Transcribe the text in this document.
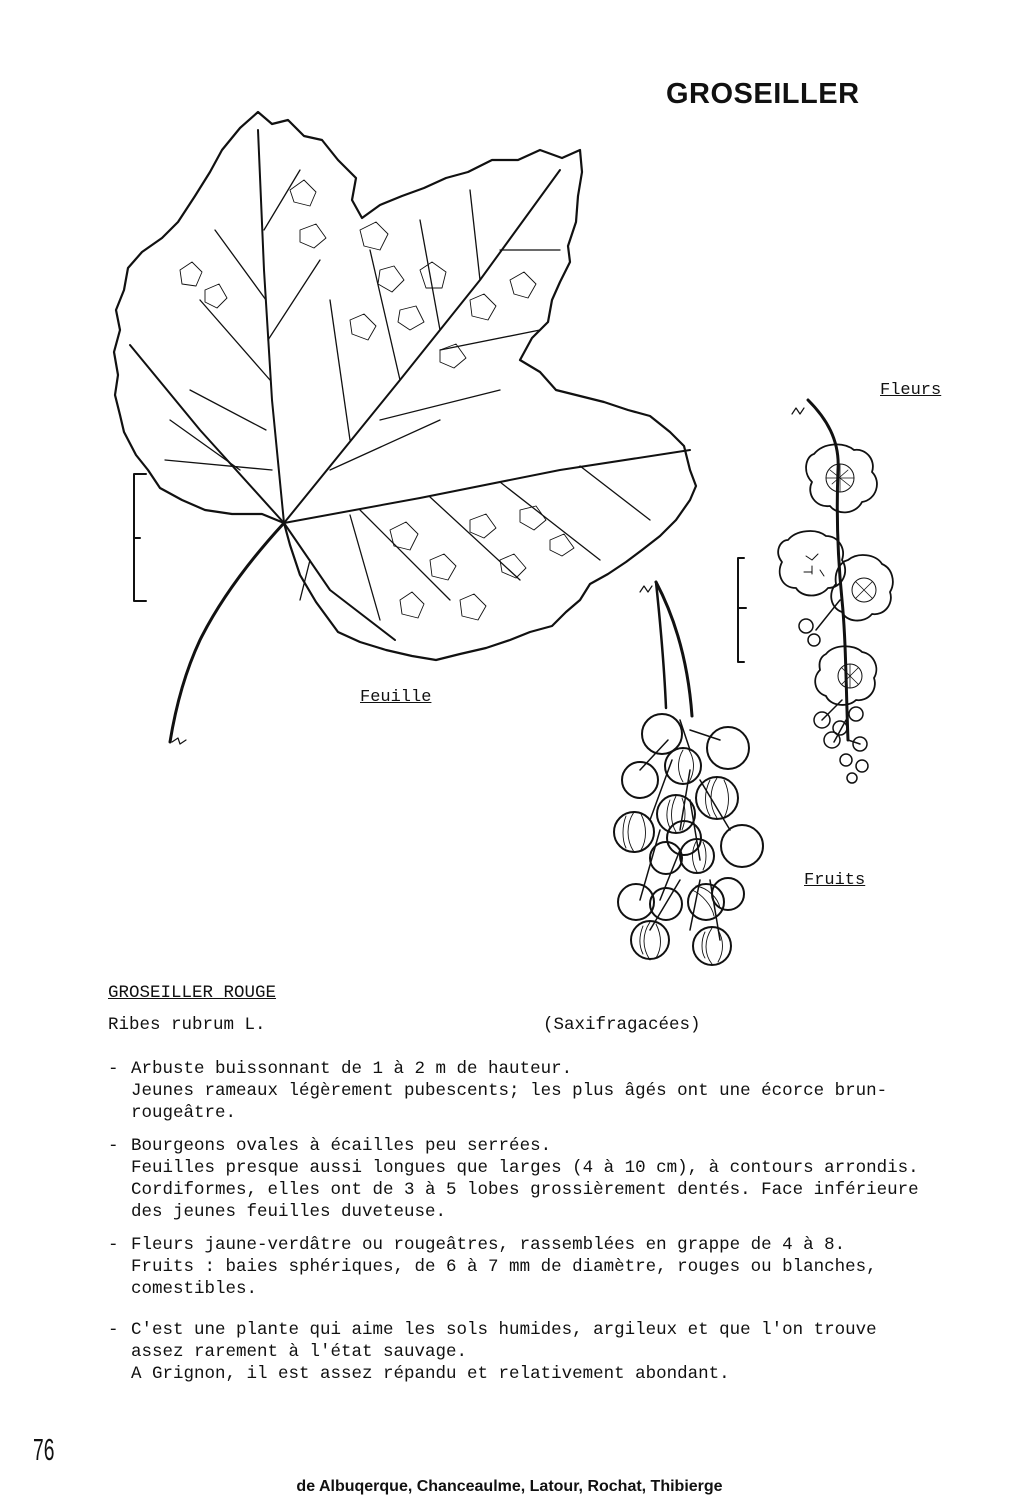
GROSEILLER
Feuille
Fleurs
Fruits
GROSEILLER ROUGE
Ribes rubrum L.	(Saxifragacées)
- Arbuste buissonnant de 1 à 2 m de hauteur.
Jeunes rameaux légèrement pubescents; les plus âgés ont une écorce brun-
rougeâtre.
- Bourgeons ovales à écailles peu serrées.
Feuilles presque aussi longues que larges (4 à 10 cm), à contours arrondis.
Cordiformes, elles ont de 3 à 5 lobes grossièrement dentés. Face inférieure
des jeunes feuilles duveteuse.
- Fleurs jaune-verdâtre ou rougeâtres, rassemblées en grappe de 4 à 8.
Fruits : baies sphériques, de 6 à 7 mm de diamètre, rouges ou blanches,
comestibles.
- C'est une plante qui aime les sols humides, argileux et que l'on trouve
assez rarement à l'état sauvage.
A Grignon, il est assez répandu et relativement abondant.
76
de Albuqerque, Chanceaulme, Latour, Rochat, Thibierge
